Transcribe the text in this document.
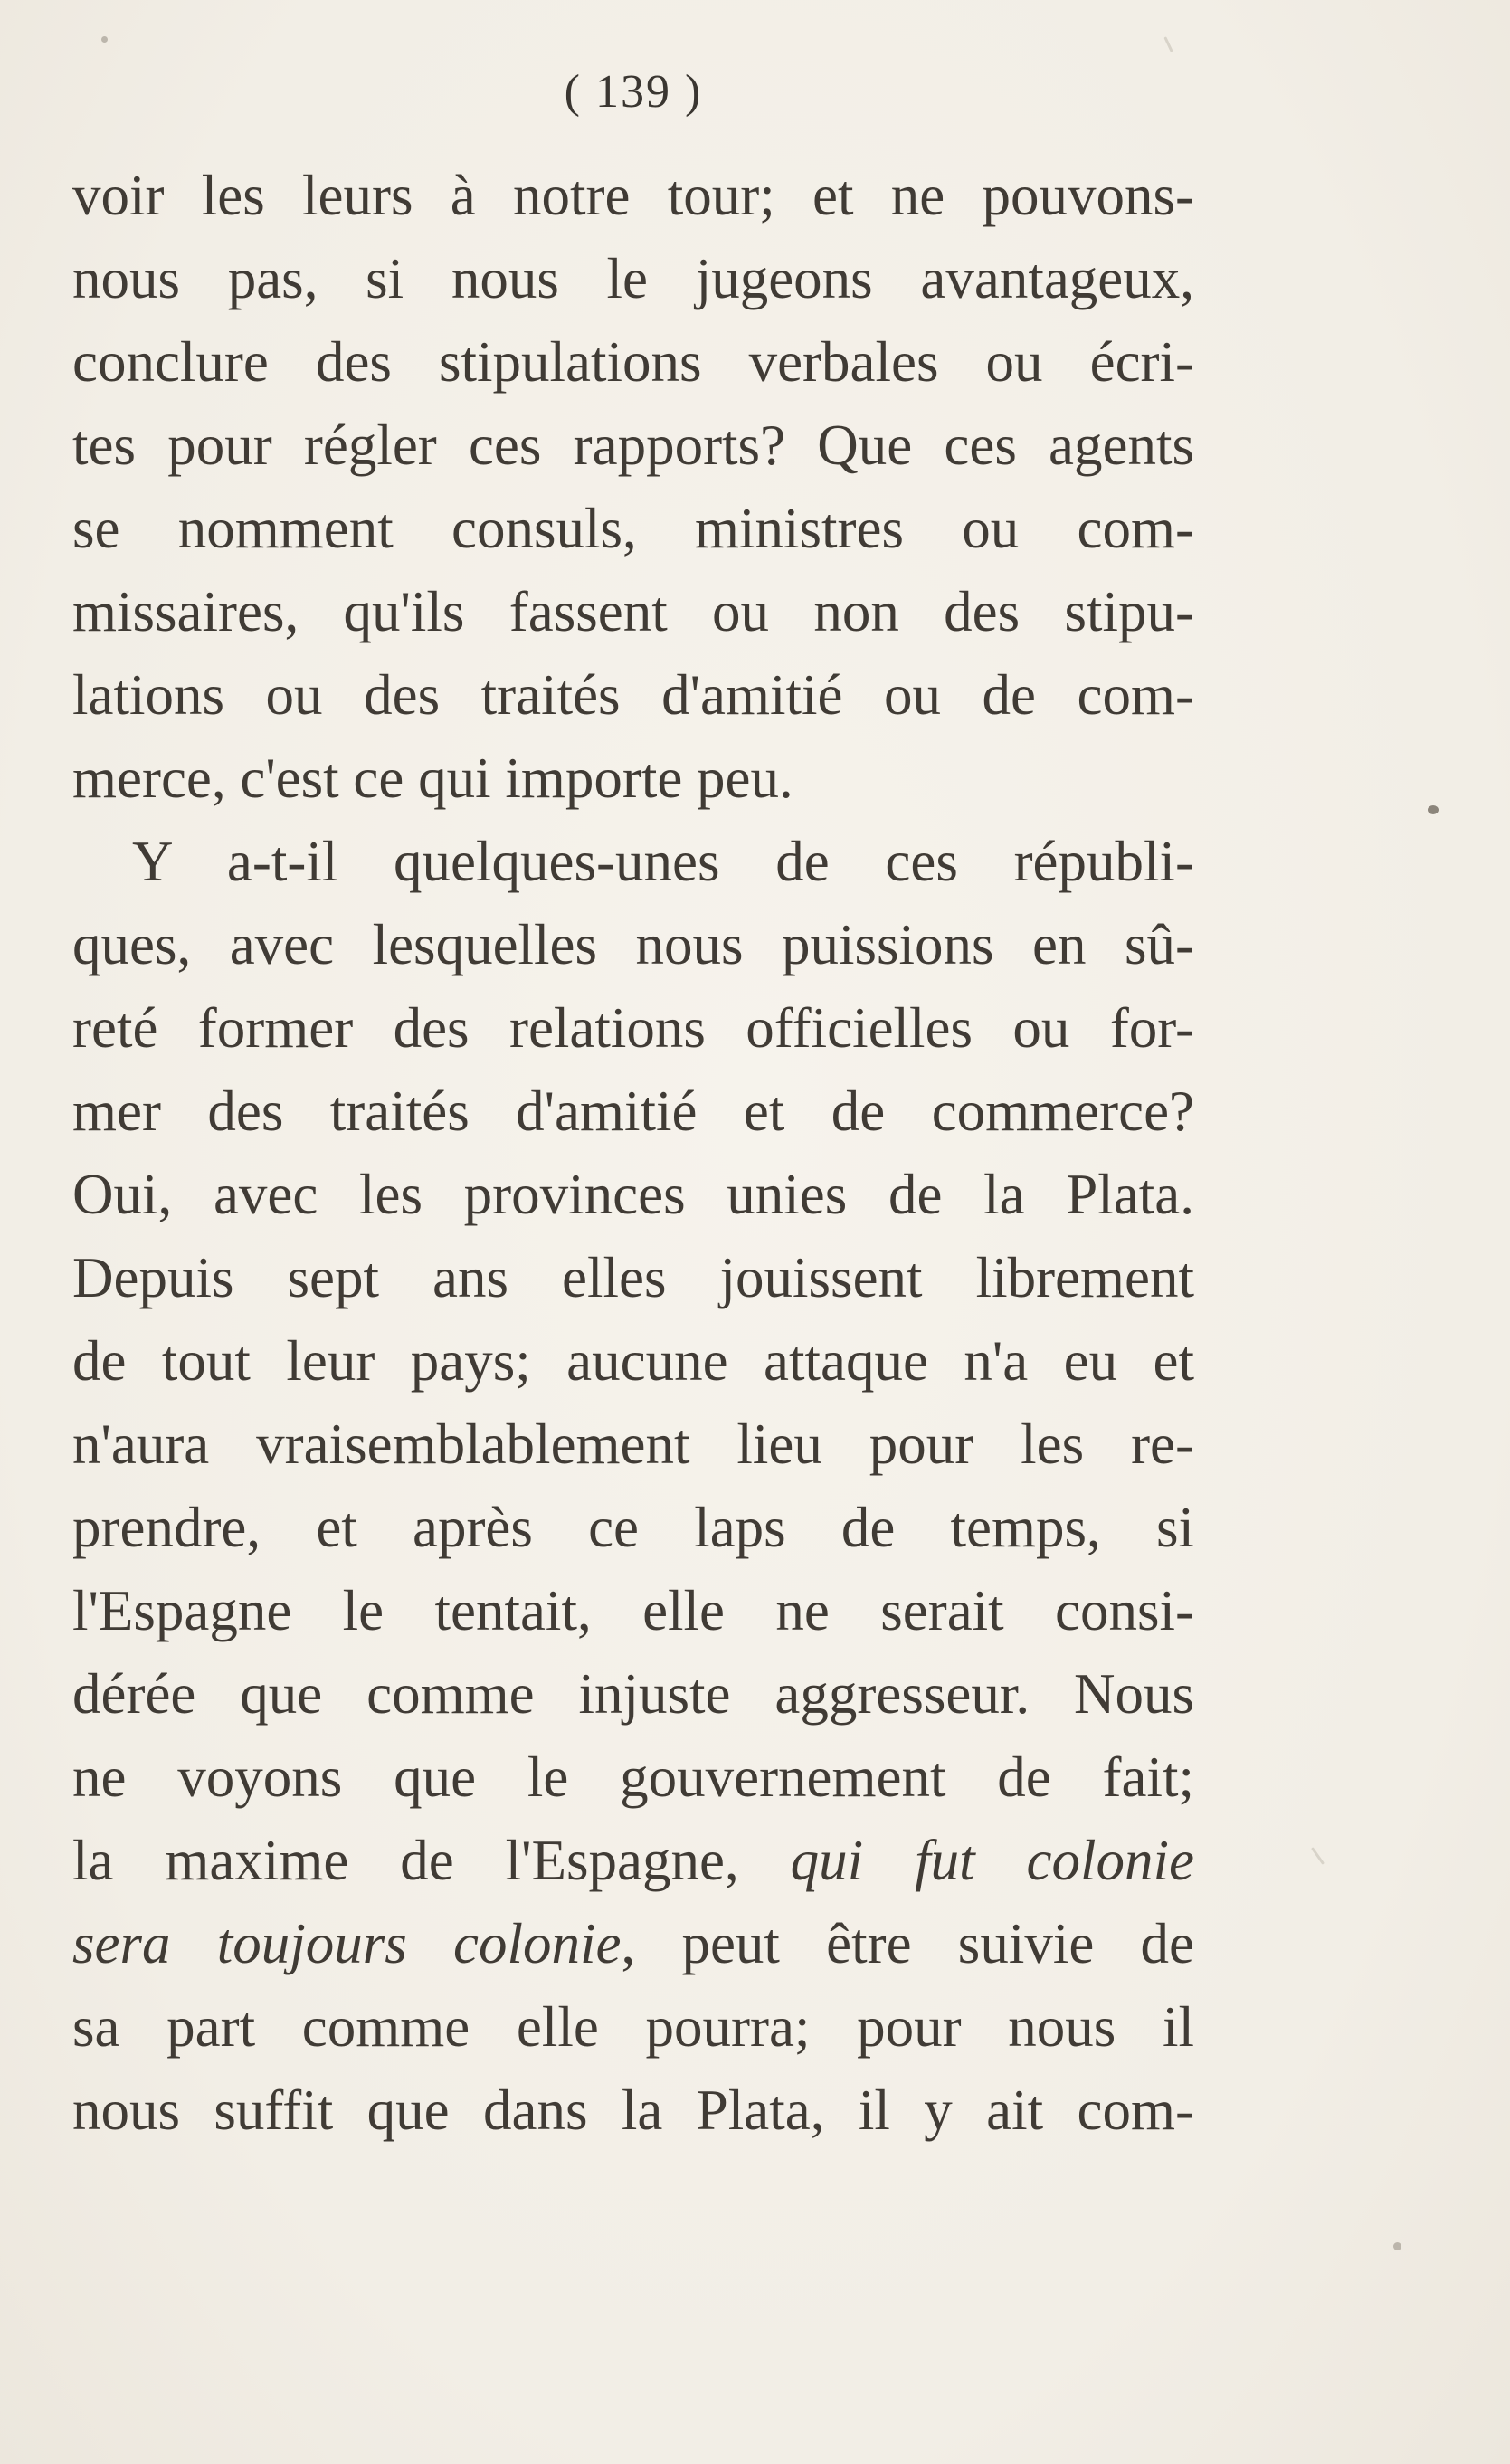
( 139 )
voir les leurs à notre tour; et ne pouvons-
nous pas, si nous le jugeons avantageux,
conclure des stipulations verbales ou écri-
tes pour régler ces rapports? Que ces agents
se nomment consuls, ministres ou com-
missaires, qu'ils fassent ou non des stipu-
lations ou des traités d'amitié ou de com-
merce, c'est ce qui importe peu.
Y a-t-il quelques-unes de ces républi-
ques, avec lesquelles nous puissions en sû-
reté former des relations officielles ou for-
mer des traités d'amitié et de commerce?
Oui, avec les provinces unies de la Plata.
Depuis sept ans elles jouissent librement
de tout leur pays; aucune attaque n'a eu et
n'aura vraisemblablement lieu pour les re-
prendre, et après ce laps de temps, si
l'Espagne le tentait, elle ne serait consi-
dérée que comme injuste aggresseur. Nous
ne voyons que le gouvernement de fait;
la maxime de l'Espagne, qui fut colonie
sera toujours colonie, peut être suivie de
sa part comme elle pourra; pour nous il
nous suffit que dans la Plata, il y ait com-
